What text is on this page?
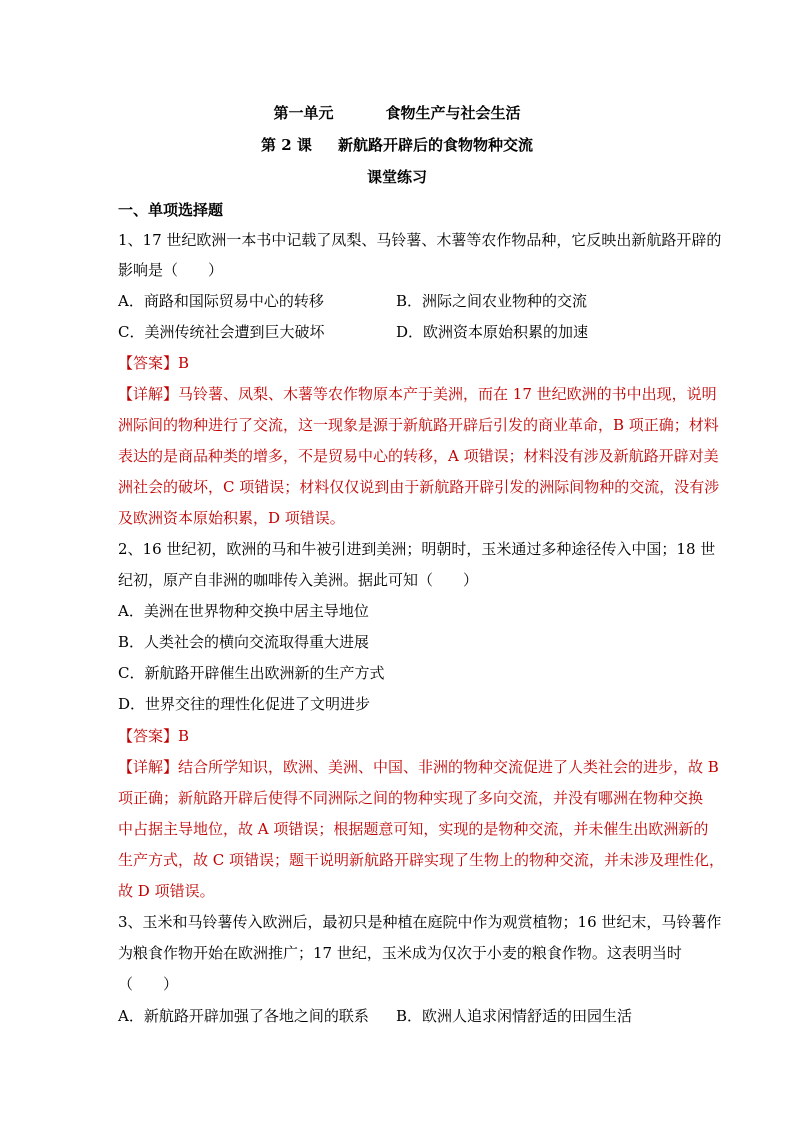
第一单元	食物生产与社会生活
第 2 课 新航路开辟后的食物物种交流
课堂练习
一、单项选择题
1、17 世纪欧洲一本书中记载了凤梨、马铃薯、木薯等农作物品种，它反映出新航路开辟的
影响是（　　）
A．商路和国际贸易中心的转移	B．洲际之间农业物种的交流
C．美洲传统社会遭到巨大破坏	D．欧洲资本原始积累的加速
【答案】B
【详解】马铃薯、凤梨、木薯等农作物原本产于美洲，而在 17 世纪欧洲的书中出现，说明
洲际间的物种进行了交流，这一现象是源于新航路开辟后引发的商业革命，B 项正确；材料
表达的是商品种类的增多，不是贸易中心的转移，A 项错误；材料没有涉及新航路开辟对美
洲社会的破坏，C 项错误；材料仅仅说到由于新航路开辟引发的洲际间物种的交流，没有涉
及欧洲资本原始积累，D 项错误。
2、16 世纪初，欧洲的马和牛被引进到美洲；明朝时，玉米通过多种途径传入中国；18 世
纪初，原产自非洲的咖啡传入美洲。据此可知（　　）
A．美洲在世界物种交换中居主导地位
B．人类社会的横向交流取得重大进展
C．新航路开辟催生出欧洲新的生产方式
D．世界交往的理性化促进了文明进步
【答案】B
【详解】结合所学知识，欧洲、美洲、中国、非洲的物种交流促进了人类社会的进步，故 B
项正确；新航路开辟后使得不同洲际之间的物种实现了多向交流，并没有哪洲在物种交换
中占据主导地位，故 A 项错误；根据题意可知，实现的是物种交流，并未催生出欧洲新的
生产方式，故 C 项错误；题干说明新航路开辟实现了生物上的物种交流，并未涉及理性化，
故 D 项错误。
3、玉米和马铃薯传入欧洲后，最初只是种植在庭院中作为观赏植物；16 世纪末，马铃薯作
为粮食作物开始在欧洲推广；17 世纪，玉米成为仅次于小麦的粮食作物。这表明当时
（　　）
A．新航路开辟加强了各地之间的联系 B．欧洲人追求闲情舒适的田园生活
